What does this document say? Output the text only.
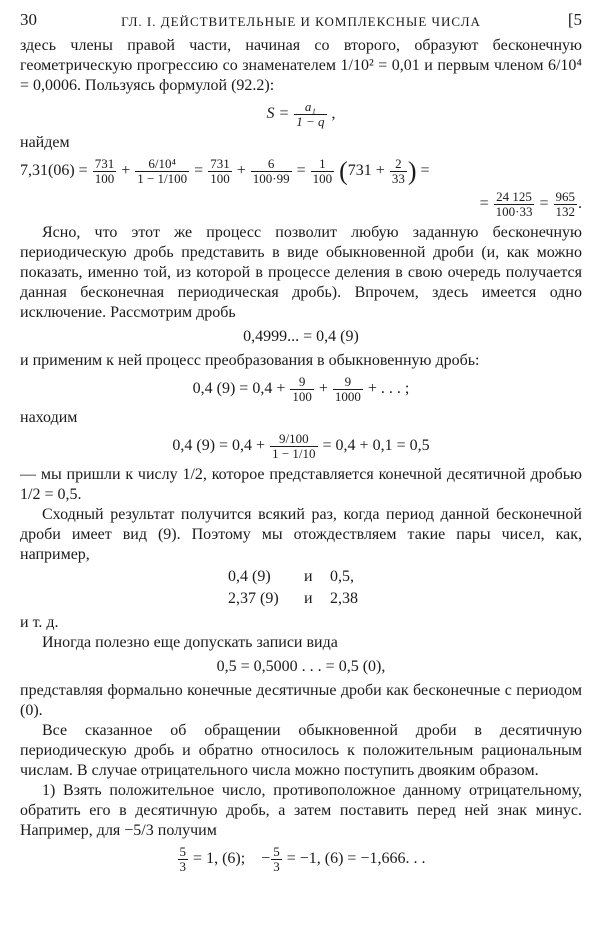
30	ГЛ. I. ДЕЙСТВИТЕЛЬНЫЕ И КОМПЛЕКСНЫЕ ЧИСЛА	[5

здесь члены правой части, начиная со второго, образуют бесконечную геометрическую прогрессию со знаменателем 1/10² = 0,01 и первым членом 6/10⁴ = 0,0006. Пользуясь формулой (92.2):

$S = \frac{\text{a₁}}{1 - q}$ ,

найдем

$7,31(06) = \frac{731}{100} + \frac{\text{6/10⁴}}{1 - 1/100} = \frac{731}{100} + \frac{6}{100\cdot 99} = \frac{1}{100} (731 + \frac{2}{33}$ ) =
= $\frac{24 125}{100\cdot 33} = \frac{965}{132}$ .

Ясно, что этот же процесс позволит любую заданную бесконечную периодическую дробь представить в виде обыкновенной дроби (и, как можно показать, именно той, из которой в процессе деления в свою очередь получается данная бесконечная периодическая дробь). Впрочем, здесь имеется одно исключение. Рассмотрим дробь

0,4999... = 0,4 (9)

и применим к ней процесс преобразования в обыкновенную дробь:

0,4 $(9) = 0,4 + \frac{9}{100} + \frac{9}{1000}$ + . . . ;

находим

0,4 $(9) = 0,4 + \frac{9/100}{1 - 1/10} = 0,4 + 0,1 = 0,5$

— мы пришли к числу 1/2, которое представляется конечной десятичной дробью 1/2 = 0,5.

Сходный результат получится всякий раз, когда период данной бесконечной дроби имеет вид (9). Поэтому мы отождествляем такие пары чисел, как, например,

0,4 (9) и 0,5,
2,37 (9) и 2,38

и т. д.

Иногда полезно еще допускать записи вида

0,5 = 0,5000 . . . = 0,5 (0),

представляя формально конечные десятичные дроби как бесконечные с периодом (0).

Все сказанное об обращении обыкновенной дроби в десятичную периодическую дробь и обратно относилось к положительным рациональным числам. В случае отрицательного числа можно поступить двояким образом.

1) Взять положительное число, противоположное данному отрицательному, обратить его в десятичную дробь, а затем поставить перед ней знак минус. Например, для −5/3 получим

$\frac{5}{3} = 1$, (6); − $\frac{5}{3} = -1$, (6) = −1,666. . .
